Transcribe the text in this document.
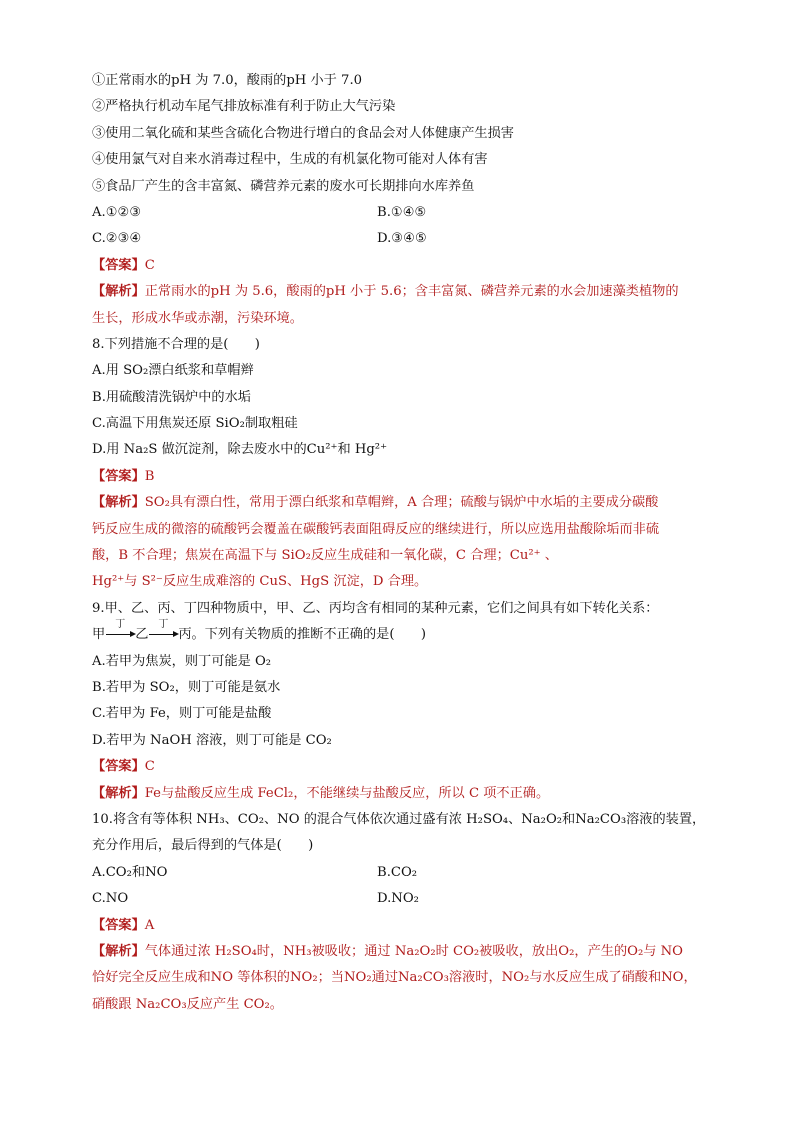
①正常雨水的pH 为 7.0，酸雨的pH 小于 7.0
②严格执行机动车尾气排放标准有利于防止大气污染
③使用二氧化硫和某些含硫化合物进行增白的食品会对人体健康产生损害
④使用氯气对自来水消毒过程中，生成的有机氯化物可能对人体有害
⑤食品厂产生的含丰富氮、磷营养元素的废水可长期排向水库养鱼
A.①②③	B.①④⑤
C.②③④	D.③④⑤
【 答案 】 C
【 解析 】 正常雨水的pH 为 5.6，酸雨的pH 小于 5.6；含丰富氮、磷营养元素的水会加速藻类植物的
生长，形成水华或赤潮，污染环境。
8.下列措施不合理的是(　　)
A.用 SO₂漂白纸浆和草帽辫
B.用硫酸清洗锅炉中的水垢
C.高温下用焦炭还原 SiO₂制取粗硅
D.用 Na₂S 做沉淀剂，除去废水中的Cu²⁺和 Hg²⁺
【 答案 】 B
【 解析 】 SO₂具有漂白性，常用于漂白纸浆和草帽辫，A 合理；硫酸与锅炉中水垢的主要成分碳酸
钙反应生成的微溶的硫酸钙会覆盖在碳酸钙表面阻碍反应的继续进行，所以应选用盐酸除垢而非硫
酸，B 不合理；焦炭在高温下与 SiO₂反应生成硅和一氧化碳，C 合理；Cu²⁺ 、
Hg²⁺与 S²⁻反应生成难溶的 CuS、HgS 沉淀，D 合理。
9.甲、乙、丙、丁四种物质中，甲、乙、丙均含有相同的某种元素，它们之间具有如下转化关系：
甲
丁
乙
丁
丙。下列有关物质的推断不正确的是(　　)
A.若甲为焦炭，则丁可能是 O₂
B.若甲为 SO₂，则丁可能是氨水
C.若甲为 Fe，则丁可能是盐酸
D.若甲为 NaOH 溶液，则丁可能是 CO₂
【 答案 】 C
【 解析 】 Fe与盐酸反应生成 FeCl₂，不能继续与盐酸反应，所以 C 项不正确。
10.将含有等体积 NH₃、CO₂、NO 的混合气体依次通过盛有浓 H₂SO₄、Na₂O₂和Na₂CO₃溶液的装置，
充分作用后，最后得到的气体是(　　)
A.CO₂和NO	B.CO₂
C.NO	D.NO₂
【 答案 】 A
【 解析 】 气体通过浓 H₂SO₄时，NH₃被吸收；通过 Na₂O₂时 CO₂被吸收，放出O₂，产生的O₂与 NO
恰好完全反应生成和NO 等体积的NO₂；当NO₂通过Na₂CO₃溶液时，NO₂与水反应生成了硝酸和NO，
硝酸跟 Na₂CO₃反应产生 CO₂。
